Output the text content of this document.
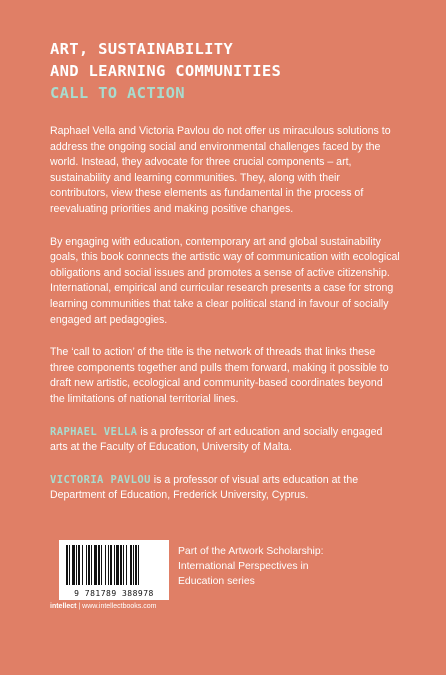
ART, SUSTAINABILITY
AND LEARNING COMMUNITIES
CALL TO ACTION

Raphael Vella and Victoria Pavlou do not offer us miraculous solutions to address the ongoing social and environmental challenges faced by the world. Instead, they advocate for three crucial components – art, sustainability and learning communities. They, along with their contributors, view these elements as fundamental in the process of reevaluating priorities and making positive changes.

By engaging with education, contemporary art and global sustainability goals, this book connects the artistic way of communication with ecological obligations and social issues and promotes a sense of active citizenship. International, empirical and curricular research presents a case for strong learning communities that take a clear political stand in favour of socially engaged art pedagogies.

The ‘call to action’ of the title is the network of threads that links these three components together and pulls them forward, making it possible to draft new artistic, ecological and community-based coordinates beyond the limitations of national territorial lines.

RAPHAEL VELLA is a professor of art education and socially engaged arts at the Faculty of Education, University of Malta.

VICTORIA PAVLOU is a professor of visual arts education at the Department of Education, Frederick University, Cyprus.

9 781789 388978
Part of the Artwork Scholarship: International Perspectives in Education series
intellect | www.intellectbooks.com
